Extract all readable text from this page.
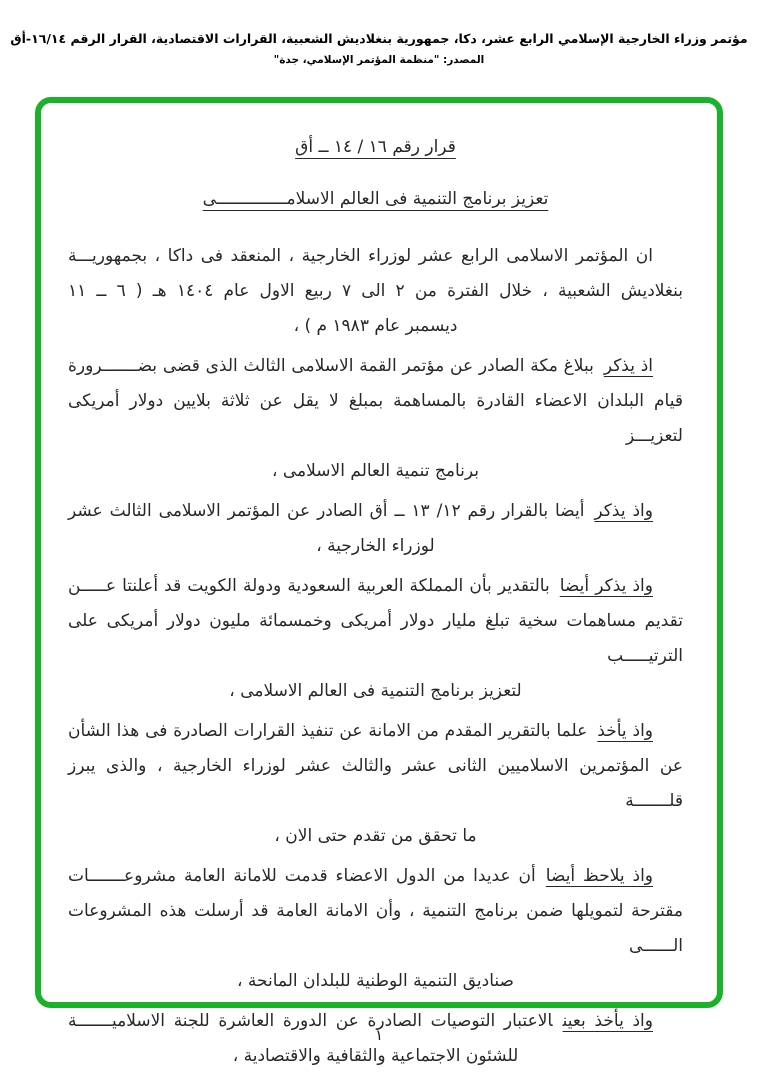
مؤتمر وزراء الخارجية الإسلامي الرابع عشر، دكا، جمهورية بنغلاديش الشعبية، القرارات الاقتصادية، القرار الرقم ١٦/١٤-أق
المصدر: "منظمة المؤتمر الإسلامي، جدة"
قرار رقم ١٦ / ١٤ ــ أق
تعزيز برنامج التنمية فى العالم الاسلامــــــــــــــى
ان المؤتمر الاسلامى الرابع عشر لوزراء الخارجية ، المنعقد فى داكا ، بجمهوريـــة
بنغلاديش الشعبية ، خلال الفترة من ٢ الى ٧ ربيع الاول عام ١٤٠٤ هـ ( ٦ ــ ١١
ديسمبر عام ١٩٨٣ م ) ،
اذ يذكرببلاغ مكة الصادر عن مؤتمر القمة الاسلامى الثالث الذى قضى بضـــــــرورة
قيام البلدان الاعضاء القادرة بالمساهمة بمبلغ لا يقل عن ثلاثة بلايين دولار أمريكى لتعزيـــز
برنامج تنمية العالم الاسلامى ،
واذ يذكرأيضا بالقرار رقم ١٢/ ١٣ ــ أق الصادر عن المؤتمر الاسلامى الثالث عشر
لوزراء الخارجية ،
واذ يذكر أيضابالتقدير بأن المملكة العربية السعودية ودولة الكويت قد أعلنتا عـــــن
تقديم مساهمات سخية تبلغ مليار دولار أمريكى وخمسمائة مليون دولار أمريكى على الترتيـــــب
لتعزيز برنامج التنمية فى العالم الاسلامى ،
واذ يأخذعلما بالتقرير المقدم من الامانة عن تنفيذ القرارات الصادرة فى هذا الشأن
عن المؤتمرين الاسلاميين الثانى عشر والثالث عشر لوزراء الخارجية ، والذى يبرز قلـــــــة
ما تحقق من تقدم حتى الان ،
واذ يلاحظ أيضاأن عديدا من الدول الاعضاء قدمت للامانة العامة مشروعـــــــات
مقترحة لتمويلها ضمن برنامج التنمية ، وأن الامانة العامة قد أرسلت هذه المشروعات الــــــى
صناديق التنمية الوطنية للبلدان المانحة ،
واذ يأخذ بعينالاعتبار التوصيات الصادرة عن الدورة العاشرة للجنة الاسلاميـــــــة
للشئون الاجتماعية والثقافية والاقتصادية ،
١
